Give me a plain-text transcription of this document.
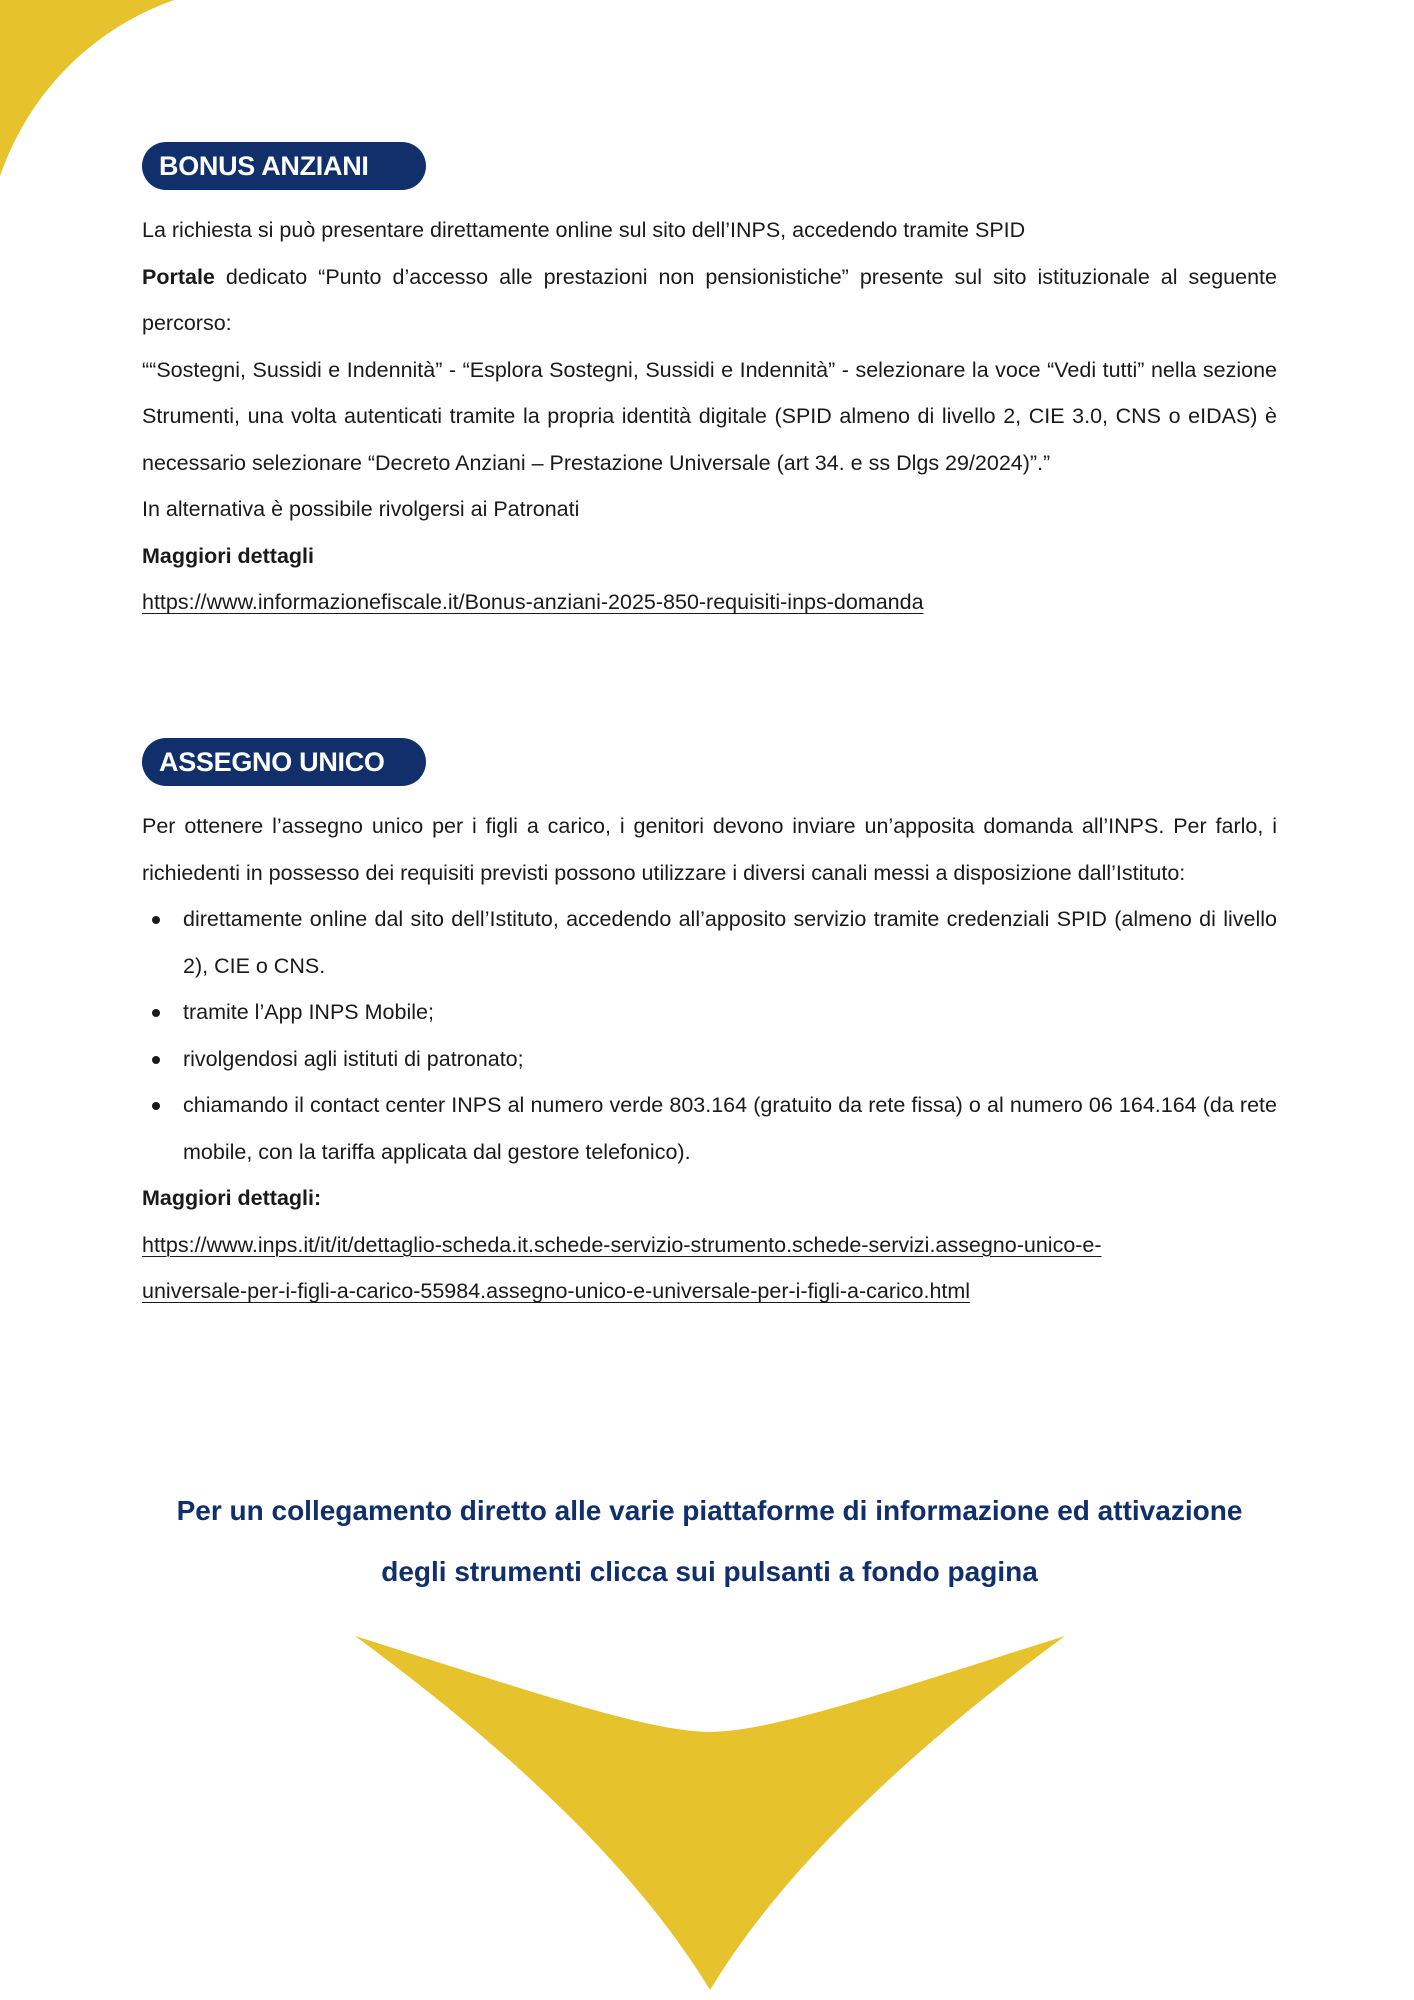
BONUS ANZIANI

La richiesta si può presentare direttamente online sul sito dell’INPS, accedendo tramite SPID

Portale dedicato “Punto d’accesso alle prestazioni non pensionistiche” presente sul sito istituzionale al seguente percorso:

““Sostegni, Sussidi e Indennità” - “Esplora Sostegni, Sussidi e Indennità” - selezionare la voce “Vedi tutti” nella sezione Strumenti, una volta autenticati tramite la propria identità digitale (SPID almeno di livello 2, CIE 3.0, CNS o eIDAS) è necessario selezionare “Decreto Anziani – Prestazione Universale (art 34. e ss Dlgs 29/2024)”.”

In alternativa è possibile rivolgersi ai Patronati

Maggiori dettagli

https://www.informazionefiscale.it/Bonus-anziani-2025-850-requisiti-inps-domanda

ASSEGNO UNICO

Per ottenere l’assegno unico per i figli a carico, i genitori devono inviare un’apposita domanda all’INPS. Per farlo, i richiedenti in possesso dei requisiti previsti possono utilizzare i diversi canali messi a disposizione dall’Istituto:

direttamente online dal sito dell’Istituto, accedendo all’apposito servizio tramite credenziali SPID (almeno di livello 2), CIE o CNS.
tramite l’App INPS Mobile;
rivolgendosi agli istituti di patronato;
chiamando il contact center INPS al numero verde 803.164 (gratuito da rete fissa) o al numero 06 164.164 (da rete mobile, con la tariffa applicata dal gestore telefonico).

Maggiori dettagli:

https://www.inps.it/it/it/dettaglio-scheda.it.schede-servizio-strumento.schede-servizi.assegno-unico-e-

universale-per-i-figli-a-carico-55984.assegno-unico-e-universale-per-i-figli-a-carico.html

Per un collegamento diretto alle varie piattaforme di informazione ed attivazione
degli strumenti clicca sui pulsanti a fondo pagina
